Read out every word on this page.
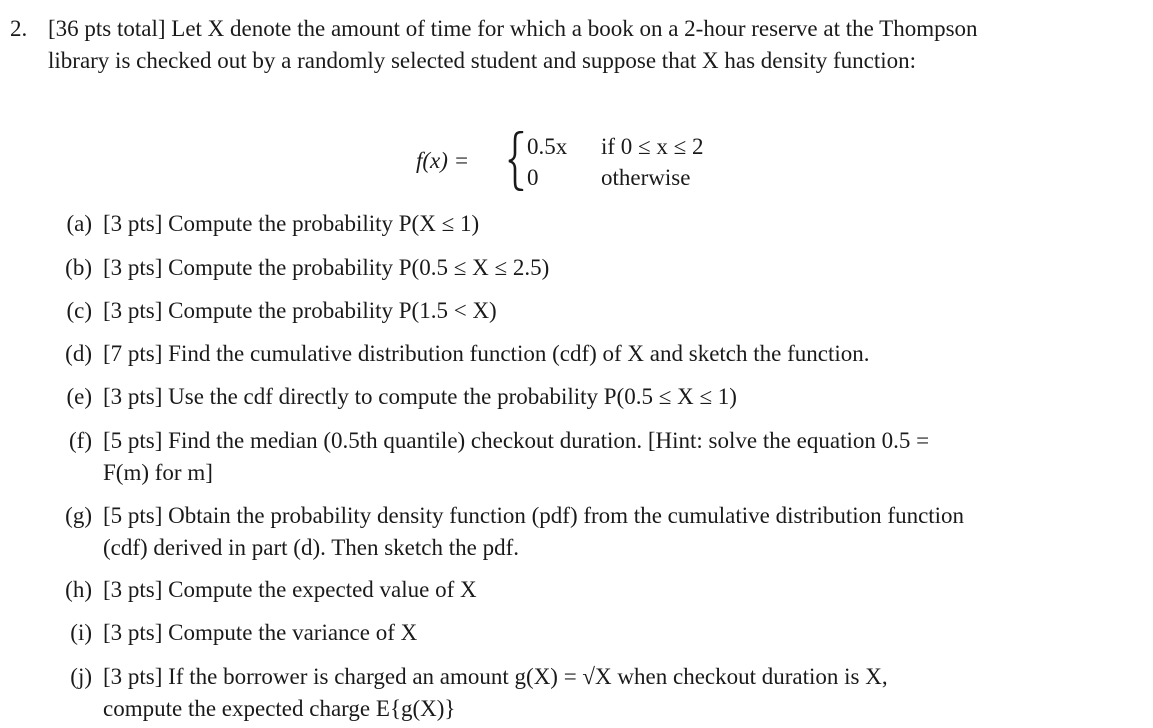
2. [36 pts total] Let X denote the amount of time for which a book on a 2-hour reserve at the Thompson

library is checked out by a randomly selected student and suppose that X has density function:

f(x) =
0.5x if 0 ≤ x ≤ 2
0	otherwise
(a) [3 pts] Compute the probability P(X ≤ 1)
(b) [3 pts] Compute the probability P(0.5 ≤ X ≤ 2.5)
(c) [3 pts] Compute the probability P(1.5 < X)
(d) [7 pts] Find the cumulative distribution function (cdf) of X and sketch the function.
(e) [3 pts] Use the cdf directly to compute the probability P(0.5 ≤ X ≤ 1)
(f) [5 pts] Find the median (0.5th quantile) checkout duration. [Hint: solve the equation 0.5 =
F(m) for m]
(g) [5 pts] Obtain the probability density function (pdf) from the cumulative distribution function
(cdf) derived in part (d). Then sketch the pdf.
(h) [3 pts] Compute the expected value of X
(i) [3 pts] Compute the variance of X
(j) [3 pts] If the borrower is charged an amount g(X) = √X when checkout duration is X,
compute the expected charge E{g(X)}
